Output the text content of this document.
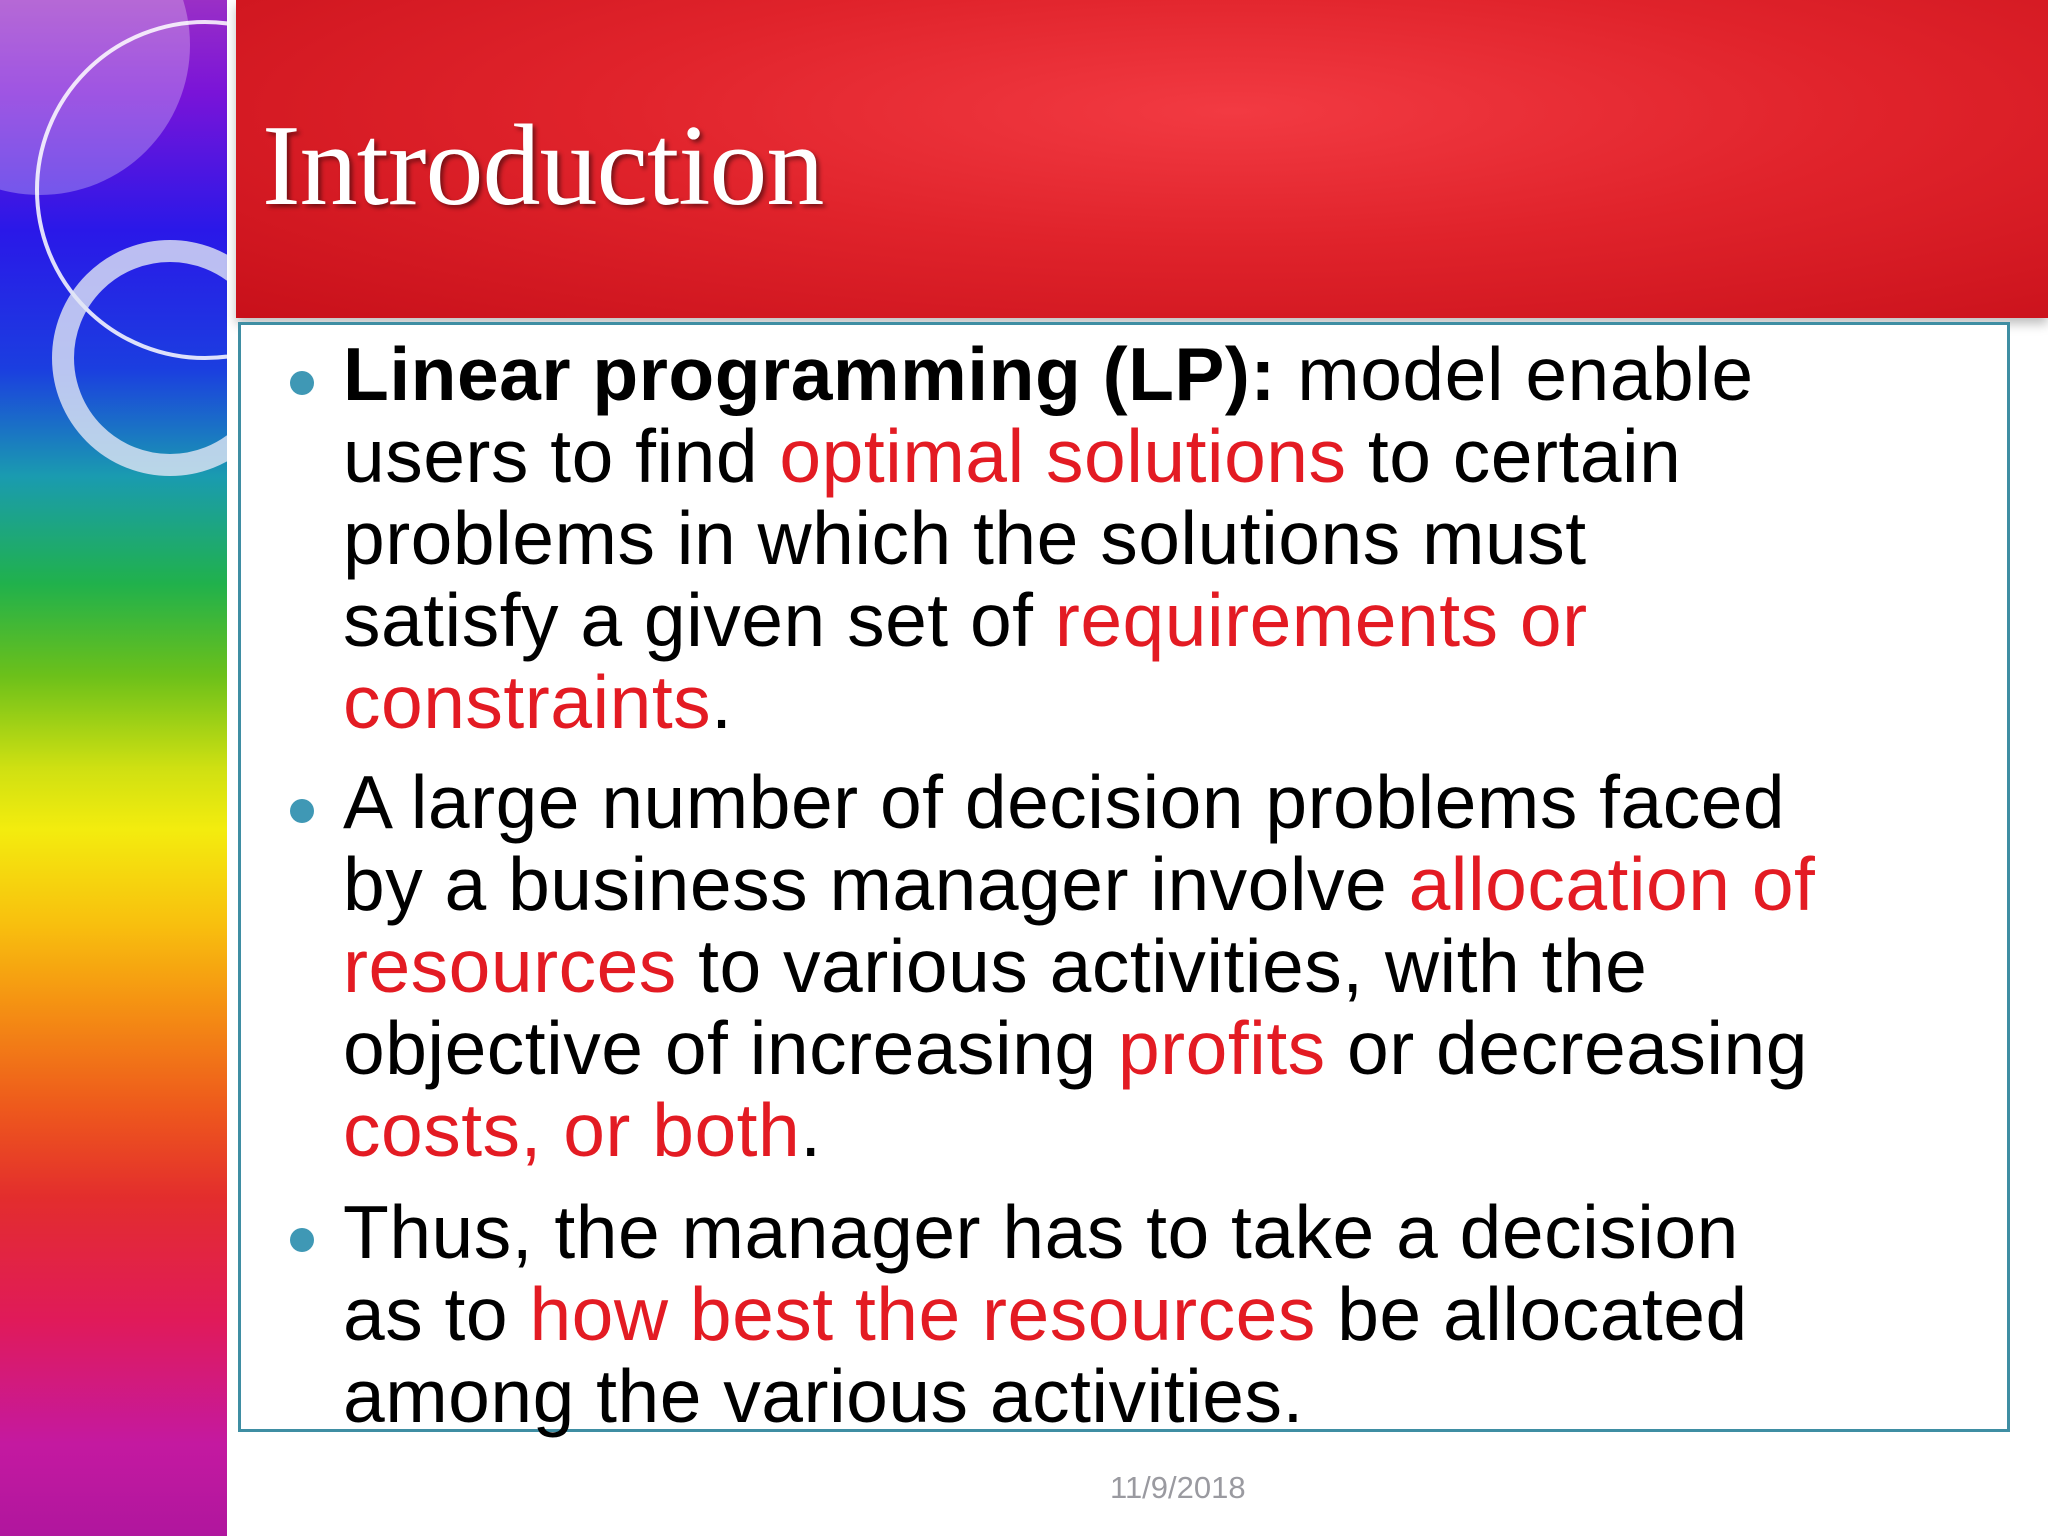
Introduction

Linear programming (LP): model enable
users to find optimal solutions to certain
problems in which the solutions must
satisfy a given set of requirements or
constraints.

A large number of decision problems faced
by a business manager involve allocation of
resources to various activities, with the
objective of increasing profits or decreasing
costs, or both.

Thus, the manager has to take a decision
as to how best the resources be allocated
among the various activities.

11/9/2018
